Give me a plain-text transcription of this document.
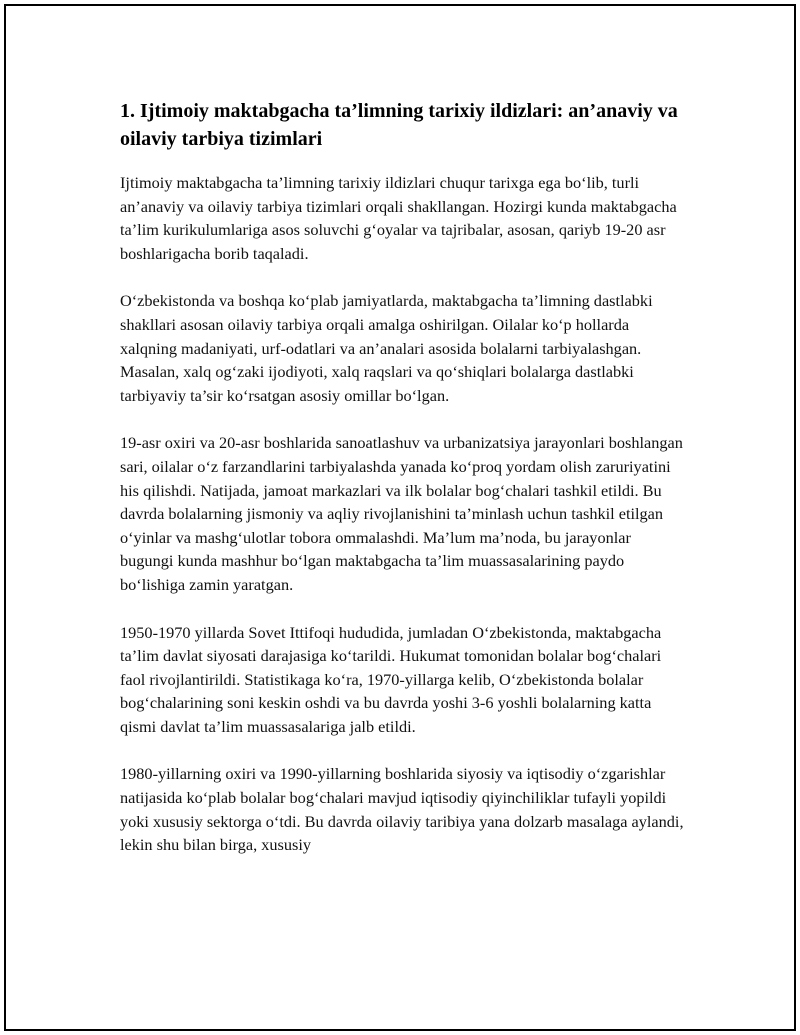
1. Ijtimoiy maktabgacha ta’limning tarixiy ildizlari: an’anaviy va oilaviy tarbiya tizimlari

Ijtimoiy maktabgacha ta’limning tarixiy ildizlari chuqur tarixga ega bo‘lib, turli an’anaviy va oilaviy tarbiya tizimlari orqali shakllangan. Hozirgi kunda maktabgacha ta’lim kurikulumlariga asos soluvchi g‘oyalar va tajribalar, asosan, qariyb 19-20 asr boshlarigacha borib taqaladi.

O‘zbekistonda va boshqa ko‘plab jamiyatlarda, maktabgacha ta’limning dastlabki shakllari asosan oilaviy tarbiya orqali amalga oshirilgan. Oilalar ko‘p hollarda xalqning madaniyati, urf-odatlari va an’analari asosida bolalarni tarbiyalashgan. Masalan, xalq og‘zaki ijodiyoti, xalq raqslari va qo‘shiqlari bolalarga dastlabki tarbiyaviy ta’sir ko‘rsatgan asosiy omillar bo‘lgan.

19-asr oxiri va 20-asr boshlarida sanoatlashuv va urbanizatsiya jarayonlari boshlangan sari, oilalar o‘z farzandlarini tarbiyalashda yanada ko‘proq yordam olish zaruriyatini his qilishdi. Natijada, jamoat markazlari va ilk bolalar bog‘chalari tashkil etildi. Bu davrda bolalarning jismoniy va aqliy rivojlanishini ta’minlash uchun tashkil etilgan o‘yinlar va mashg‘ulotlar tobora ommalashdi. Ma’lum ma’noda, bu jarayonlar bugungi kunda mashhur bo‘lgan maktabgacha ta’lim muassasalarining paydo bo‘lishiga zamin yaratgan.

1950-1970 yillarda Sovet Ittifoqi hududida, jumladan O‘zbekistonda, maktabgacha ta’lim davlat siyosati darajasiga ko‘tarildi. Hukumat tomonidan bolalar bog‘chalari faol rivojlantirildi. Statistikaga ko‘ra, 1970-yillarga kelib, O‘zbekistonda bolalar bog‘chalarining soni keskin oshdi va bu davrda yoshi 3-6 yoshli bolalarning katta qismi davlat ta’lim muassasalariga jalb etildi.

1980-yillarning oxiri va 1990-yillarning boshlarida siyosiy va iqtisodiy o‘zgarishlar natijasida ko‘plab bolalar bog‘chalari mavjud iqtisodiy qiyinchiliklar tufayli yopildi yoki xususiy sektorga o‘tdi. Bu davrda oilaviy taribiya yana dolzarb masalaga aylandi, lekin shu bilan birga, xususiy
